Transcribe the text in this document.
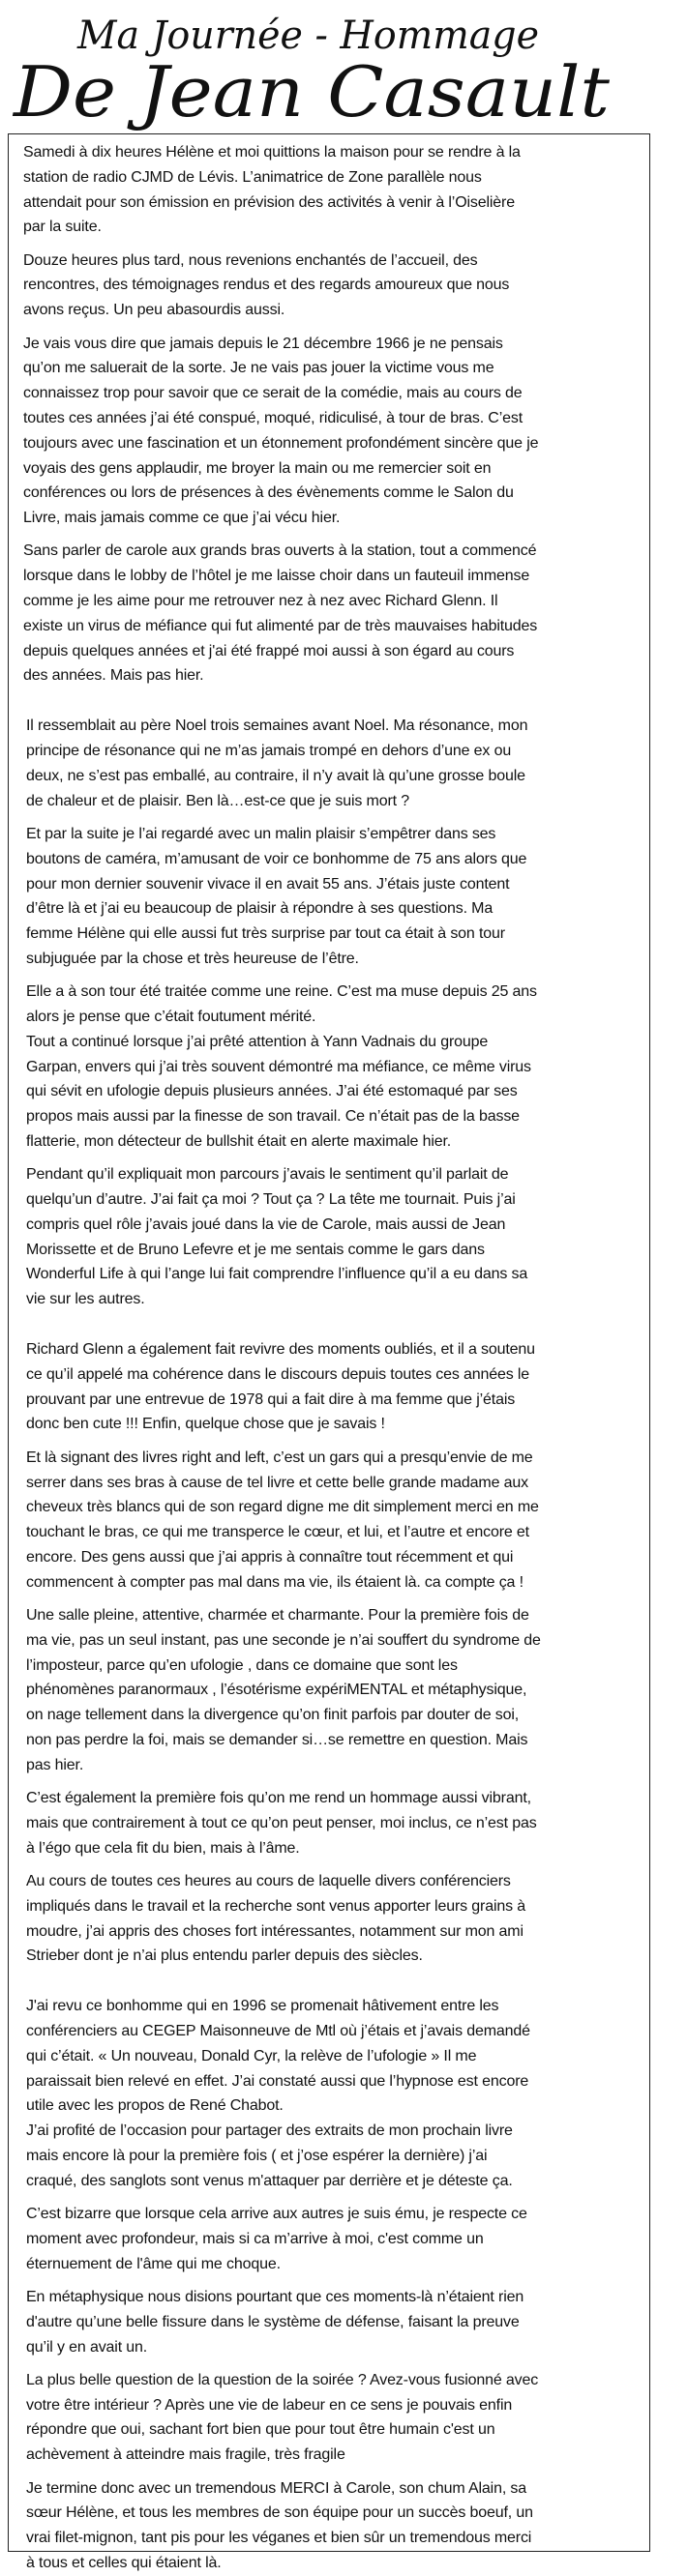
Ma Journée - Hommage
De Jean Casault
Samedi à dix heures Hélène et moi quittions la maison pour se rendre à la
station de radio CJMD de Lévis. L’animatrice de Zone parallèle nous
attendait pour son émission en prévision des activités à venir à l’Oiselière
par la suite.
Douze heures plus tard, nous revenions enchantés de l’accueil, des
rencontres, des témoignages rendus et des regards amoureux que nous
avons reçus. Un peu abasourdis aussi.
Je vais vous dire que jamais depuis le 21 décembre 1966 je ne pensais
qu’on me saluerait de la sorte. Je ne vais pas jouer la victime vous me
connaissez trop pour savoir que ce serait de la comédie, mais au cours de
toutes ces années j’ai été conspué, moqué, ridiculisé, à tour de bras. C’est
toujours avec une fascination et un étonnement profondément sincère que je
voyais des gens applaudir, me broyer la main ou me remercier soit en
conférences ou lors de présences à des évènements comme le Salon du
Livre, mais jamais comme ce que j’ai vécu hier.
Sans parler de carole aux grands bras ouverts à la station, tout a commencé
lorsque dans le lobby de l’hôtel je me laisse choir dans un fauteuil immense
comme je les aime pour me retrouver nez à nez avec Richard Glenn. Il
existe un virus de méfiance qui fut alimenté par de très mauvaises habitudes
depuis quelques années et j'ai été frappé moi aussi à son égard au cours
des années. Mais pas hier.
Il ressemblait au père Noel trois semaines avant Noel. Ma résonance, mon
principe de résonance qui ne m’as jamais trompé en dehors d’une ex ou
deux, ne s’est pas emballé, au contraire, il n’y avait là qu’une grosse boule
de chaleur et de plaisir. Ben là…est-ce que je suis mort ?
Et par la suite je l’ai regardé avec un malin plaisir s’empêtrer dans ses
boutons de caméra, m’amusant de voir ce bonhomme de 75 ans alors que
pour mon dernier souvenir vivace il en avait 55 ans. J’étais juste content
d’être là et j’ai eu beaucoup de plaisir à répondre à ses questions. Ma
femme Hélène qui elle aussi fut très surprise par tout ca était à son tour
subjuguée par la chose et très heureuse de l’être.
Elle a à son tour été traitée comme une reine. C’est ma muse depuis 25 ans
alors je pense que c’était foutument mérité.
Tout a continué lorsque j’ai prêté attention à Yann Vadnais du groupe
Garpan, envers qui j’ai très souvent démontré ma méfiance, ce même virus
qui sévit en ufologie depuis plusieurs années. J’ai été estomaqué par ses
propos mais aussi par la finesse de son travail. Ce n’était pas de la basse
flatterie, mon détecteur de bullshit était en alerte maximale hier.
Pendant qu’il expliquait mon parcours j’avais le sentiment qu’il parlait de
quelqu’un d’autre. J’ai fait ça moi ? Tout ça ? La tête me tournait. Puis j’ai
compris quel rôle j’avais joué dans la vie de Carole, mais aussi de Jean
Morissette et de Bruno Lefevre et je me sentais comme le gars dans
Wonderful Life à qui l’ange lui fait comprendre l’influence qu’il a eu dans sa
vie sur les autres.
Richard Glenn a également fait revivre des moments oubliés, et il a soutenu
ce qu’il appelé ma cohérence dans le discours depuis toutes ces années le
prouvant par une entrevue de 1978 qui a fait dire à ma femme que j’étais
donc ben cute !!! Enfin, quelque chose que je savais !
Et là signant des livres right and left, c’est un gars qui a presqu’envie de me
serrer dans ses bras à cause de tel livre et cette belle grande madame aux
cheveux très blancs qui de son regard digne me dit simplement merci en me
touchant le bras, ce qui me transperce le cœur, et lui, et l’autre et encore et
encore. Des gens aussi que j’ai appris à connaître tout récemment et qui
commencent à compter pas mal dans ma vie, ils étaient là. ca compte ça !
Une salle pleine, attentive, charmée et charmante. Pour la première fois de
ma vie, pas un seul instant, pas une seconde je n’ai souffert du syndrome de
l’imposteur, parce qu’en ufologie , dans ce domaine que sont les
phénomènes paranormaux , l’ésotérisme expériMENTAL et métaphysique,
on nage tellement dans la divergence qu’on finit parfois par douter de soi,
non pas perdre la foi, mais se demander si…se remettre en question. Mais
pas hier.
C’est également la première fois qu’on me rend un hommage aussi vibrant,
mais que contrairement à tout ce qu’on peut penser, moi inclus, ce n’est pas
à l’égo que cela fit du bien, mais à l’âme.
Au cours de toutes ces heures au cours de laquelle divers conférenciers
impliqués dans le travail et la recherche sont venus apporter leurs grains à
moudre, j’ai appris des choses fort intéressantes, notamment sur mon ami
Strieber dont je n’ai plus entendu parler depuis des siècles.
J'ai revu ce bonhomme qui en 1996 se promenait hâtivement entre les
conférenciers au CEGEP Maisonneuve de Mtl où j’étais et j’avais demandé
qui c’était. « Un nouveau, Donald Cyr, la relève de l’ufologie » Il me
paraissait bien relevé en effet. J’ai constaté aussi que l’hypnose est encore
utile avec les propos de René Chabot.
J’ai profité de l’occasion pour partager des extraits de mon prochain livre
mais encore là pour la première fois ( et j’ose espérer la dernière) j’ai
craqué, des sanglots sont venus m'attaquer par derrière et je déteste ça.
C’est bizarre que lorsque cela arrive aux autres je suis ému, je respecte ce
moment avec profondeur, mais si ca m’arrive à moi, c'est comme un
éternuement de l'âme qui me choque.
En métaphysique nous disions pourtant que ces moments-là n’étaient rien
d'autre qu’une belle fissure dans le système de défense, faisant la preuve
qu’il y en avait un.
La plus belle question de la question de la soirée ? Avez-vous fusionné avec
votre être intérieur ? Après une vie de labeur en ce sens je pouvais enfin
répondre que oui, sachant fort bien que pour tout être humain c'est un
achèvement à atteindre mais fragile, très fragile
Je termine donc avec un tremendous MERCI à Carole, son chum Alain, sa
sœur Hélène, et tous les membres de son équipe pour un succès boeuf, un
vrai filet-mignon, tant pis pour les véganes et bien sûr un tremendous merci
à tous et celles qui étaient là.
